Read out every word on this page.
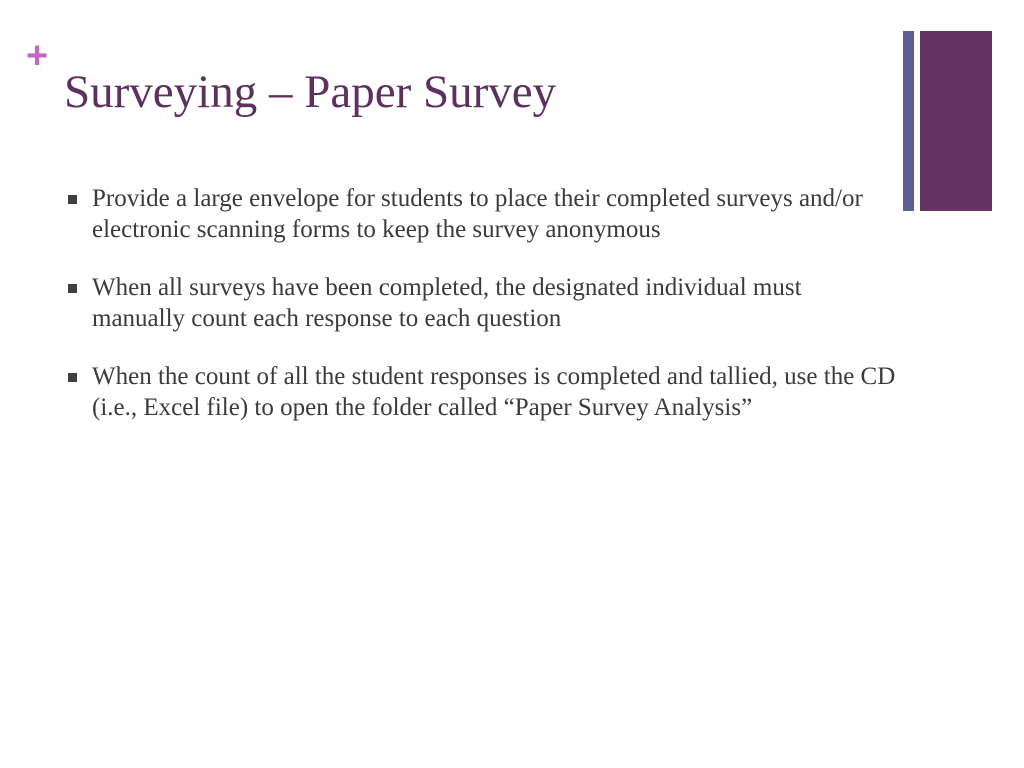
+
Surveying – Paper Survey
Provide a large envelope for students to place their completed surveys and/or electronic scanning forms to keep the survey anonymous
When all surveys have been completed, the designated individual must manually count each response to each question
When the count of all the student responses is completed and tallied, use the CD (i.e., Excel file) to open the folder called “Paper Survey Analysis”
